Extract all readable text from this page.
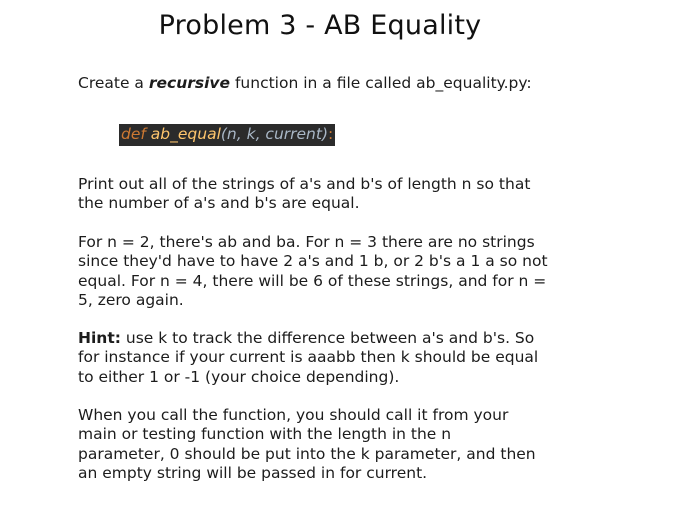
Problem 3 - AB Equality
Create a recursive function in a file called ab_equality.py:
def ab_equal(n, k, current):

Print out all of the strings of a's and b's of length n so that

the number of a's and b's are equal.

For n = 2, there's ab and ba. For n = 3 there are no strings

since they'd have to have 2 a's and 1 b, or 2 b's a 1 a so not

equal. For n = 4, there will be 6 of these strings, and for n =

5, zero again.

Hint: use k to track the difference between a's and b's. So

for instance if your current is aaabb then k should be equal

to either 1 or -1 (your choice depending).

When you call the function, you should call it from your

main or testing function with the length in the n

parameter, 0 should be put into the k parameter, and then

an empty string will be passed in for current.
